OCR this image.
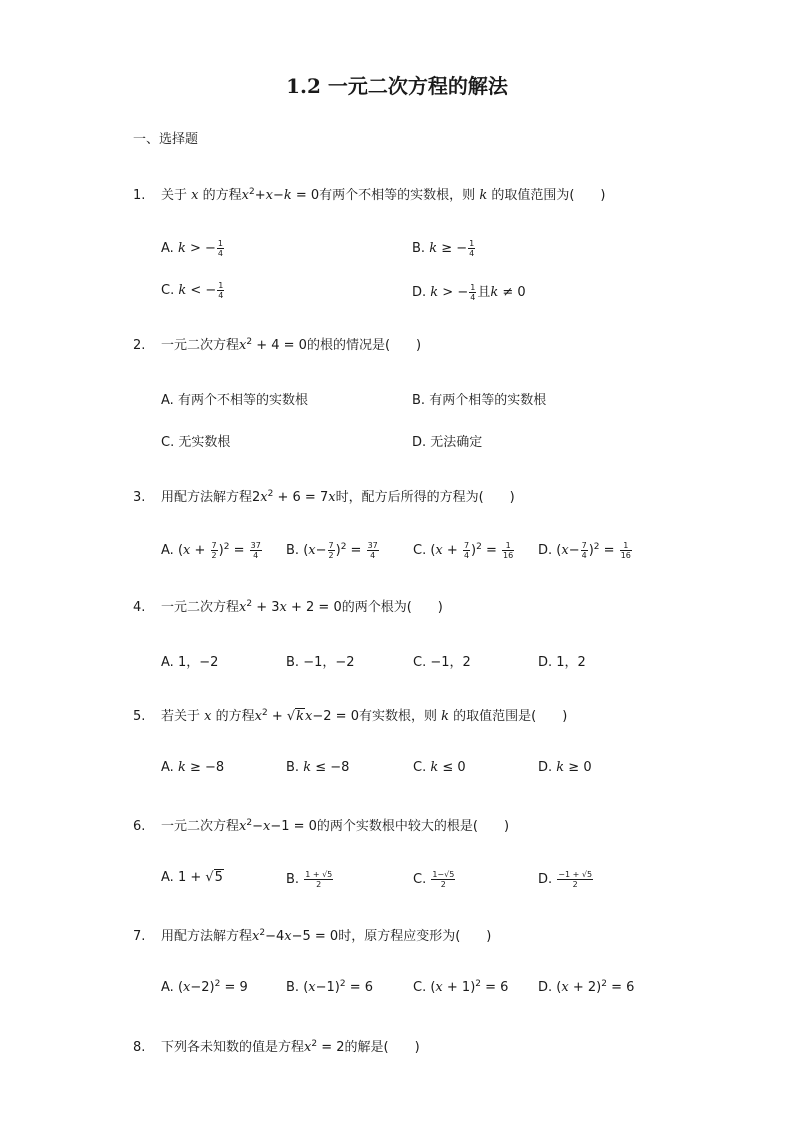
1.2 一元二次方程的解法
一、选择题
1. 关于 x 的方程$x^2+x-k = 0$有两个不相等的实数根，则 k 的取值范围为(　　)
A. k > − $\frac{1}{4}$	B. k ≥ − $\frac{1}{4}$
C. k < − $\frac{1}{4}$	D. k > − $\frac{1}{4}$ 且k ≠ 0
2. 一元二次方程$x^2 + 4 = 0$的根的情况是(　　)
A. 有两个不相等的实数根	B. 有两个相等的实数根
C. 无实数根	D. 无法确定
3. 用配方法解方程$2x^2 + 6 = 7x$时，配方后所得的方程为(　　)
A. $(x + \frac{7}{2} )^2 = \frac{37}{4} B$. $(x- \frac{7}{2} )^2 = \frac{37}{4}$	C. $(x + \frac{7}{4} )^2 = \frac{1}{16} D$. $(x- \frac{7}{4} )^2 = \frac{1}{16}$
4. 一元二次方程$x^2 + 3x + 2 = 0$的两个根为(　　)
A. 1，−2	B. −1，−2	C. −1，2	D. 1，2
5. 若关于 x 的方程$x^2 + √kx-2 = 0$有实数根，则 k 的取值范围是(　　)
A. k ≥ −8	B. k ≤ −8	C. k ≤ 0	D. k ≥ 0
6. 一元二次方程$x^2-x-1 = 0$的两个实数根中较大的根是(　　)
A. 1 + √5	B. $\frac{1 + √5}{2}$	C. $\frac{1-√5}{2}$	D. $\frac{-1 + √5}{2}$
7. 用配方法解方程$x^2-4x-5 = 0$时，原方程应变形为(　　)
A. $(x-2)^2 = 9$	B. $(x-1)^2 = 6$	C. $(x + 1)^2 = 6$ D. $(x + 2)^2 = 6$
8. 下列各未知数的值是方程$x^2 = 2$的解是(　　)
